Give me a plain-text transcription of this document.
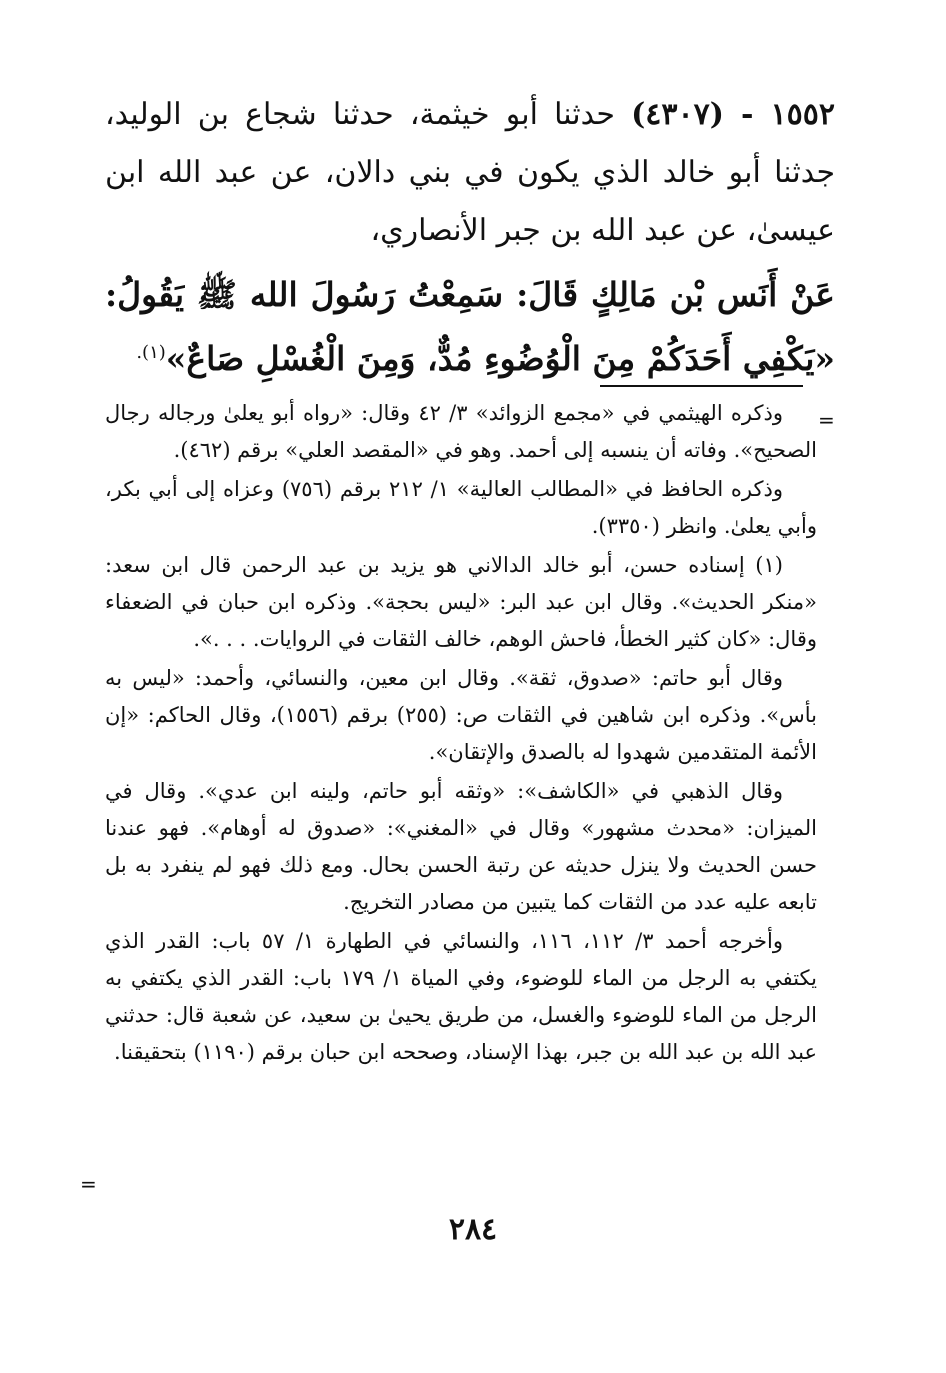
١٥٥٢ - (٤٣٠٧) حدثنا أبو خيثمة، حدثنا شجاع بن الوليد، جدثنا أبو خالد الذي يكون في بني دالان، عن عبد الله ابن عيسىٰ، عن عبد الله بن جبر الأنصاري،

عَنْ أَنَس بْن مَالِكٍ قَالَ: سَمِعْتُ رَسُولَ الله ﷺ يَقُولُ: «يَكْفِي أَحَدَكُمْ مِنَ الْوُضُوءِ مُدٌّ، وَمِنَ الْغُسْلِ صَاعٌ»$^{(١).}$

=

وذكره الهيثمي في «مجمع الزوائد» ٣/ ٤٢ وقال: «رواه أبو يعلىٰ ورجاله رجال الصحيح». وفاته أن ينسبه إلى أحمد. وهو في «المقصد العلي» برقم (٤٦٢).

وذكره الحافظ في «المطالب العالية» ١/ ٢١٢ برقم (٧٥٦) وعزاه إلى أبي بكر، وأبي يعلىٰ. وانظر (٣٣٥٠).

(١) إسناده حسن، أبو خالد الدالاني هو يزيد بن عبد الرحمن قال ابن سعد: «منكر الحديث». وقال ابن عبد البر: «ليس بحجة». وذكره ابن حبان في الضعفاء وقال: «كان كثير الخطأ، فاحش الوهم، خالف الثقات في الروايات. . . .».

وقال أبو حاتم: «صدوق، ثقة». وقال ابن معين، والنسائي، وأحمد: «ليس به بأس». وذكره ابن شاهين في الثقات ص: (٢٥٥) برقم (١٥٥٦)، وقال الحاكم: «إن الأئمة المتقدمين شهدوا له بالصدق والإتقان».

وقال الذهبي في «الكاشف»: «وثقه أبو حاتم، ولينه ابن عدي». وقال في الميزان: «محدث مشهور» وقال في «المغني»: «صدوق له أوهام». فهو عندنا حسن الحديث ولا ينزل حديثه عن رتبة الحسن بحال. ومع ذلك فهو لم ينفرد به بل تابعه عليه عدد من الثقات كما يتبين من مصادر التخريج.

وأخرجه أحمد ٣/ ١١٢، ١١٦، والنسائي في الطهارة ١/ ٥٧ باب: القدر الذي يكتفي به الرجل من الماء للوضوء، وفي المياة ١/ ١٧٩ باب: القدر الذي يكتفي به الرجل من الماء للوضوء والغسل، من طريق يحيىٰ بن سعيد، عن شعبة قال: حدثني عبد الله بن عبد الله بن جبر، بهذا الإسناد، وصححه ابن حبان برقم (١١٩٠) بتحقيقنا.

=
٢٨٤
